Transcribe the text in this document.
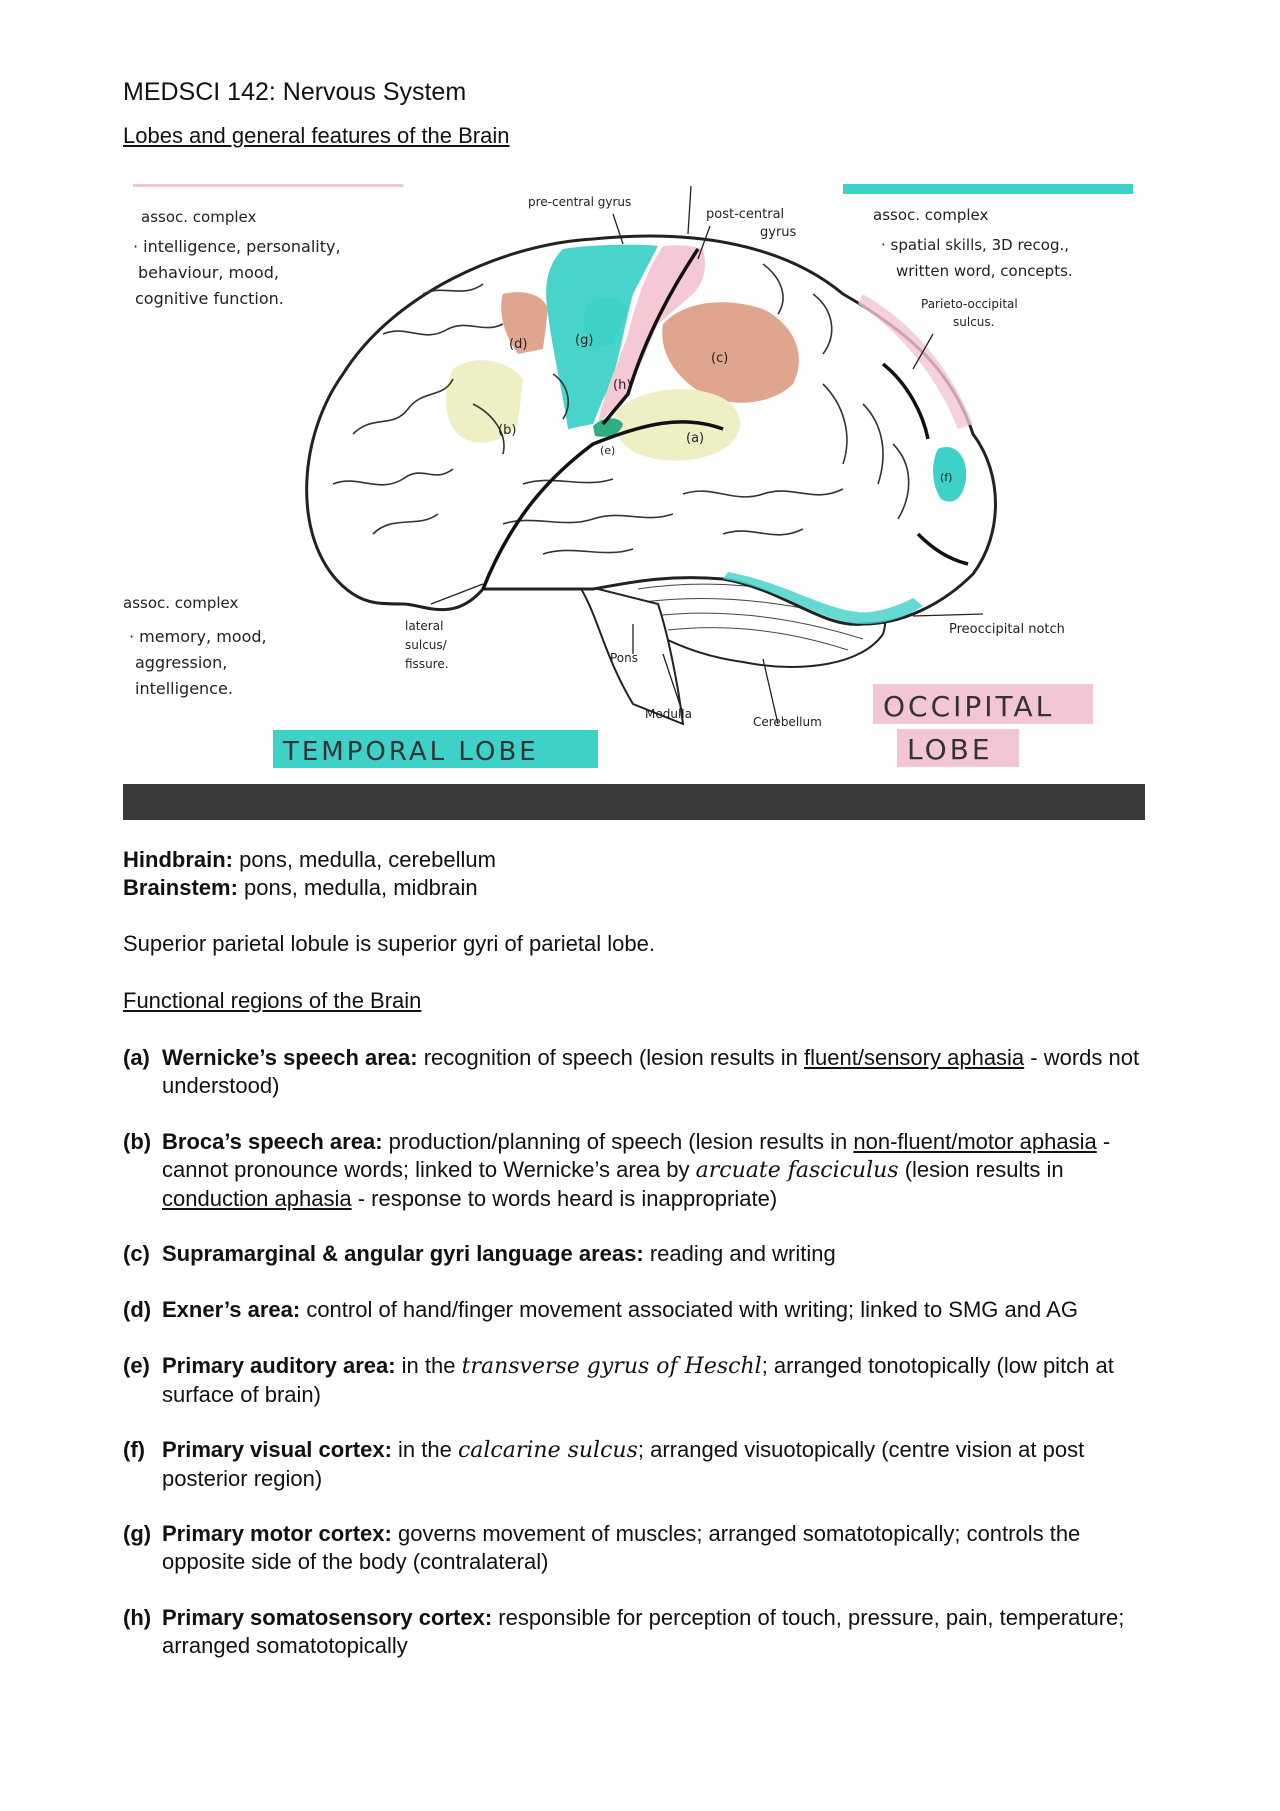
MEDSCI 142: Nervous System
Lobes and general features of the Brain
assoc. complex
· intelligence, personality,
behaviour, mood,
cognitive function.
pre-central gyrus
post-central
gyrus
assoc. complex
· spatial skills, 3D recog.,
written word, concepts.
Parieto-occipital
sulcus.
assoc. complex
· memory, mood,
aggression,
intelligence.
lateral
sulcus/
fissure.	Pons
Medulla
Cerebellum
Preoccipital notch
(d)	(g)
(h)
(c)
(b)
(a)
(e)
(f)
TEMPORAL LOBE
OCCIPITAL
LOBE
Hindbrain: pons, medulla, cerebellum
Brainstem: pons, medulla, midbrain
Superior parietal lobule is superior gyri of parietal lobe.
Functional regions of the Brain
(a) Wernicke’s speech area: recognition of speech (lesion results in fluent/sensory aphasia - words not understood)
(b) Broca’s speech area: production/planning of speech (lesion results in non-fluent/motor aphasia - cannot pronounce words; linked to Wernicke’s area by arcuate fasciculus (lesion results in conduction aphasia - response to words heard is inappropriate)
(c) Supramarginal & angular gyri language areas: reading and writing
(d) Exner’s area: control of hand/finger movement associated with writing; linked to SMG and AG
(e) Primary auditory area: in the transverse gyrus of Heschl; arranged tonotopically (low pitch at surface of brain)
(f) Primary visual cortex: in the calcarine sulcus; arranged visuotopically (centre vision at post posterior region)
(g) Primary motor cortex: governs movement of muscles; arranged somatotopically; controls the opposite side of the body (contralateral)
(h) Primary somatosensory cortex: responsible for perception of touch, pressure, pain, temperature; arranged somatotopically
